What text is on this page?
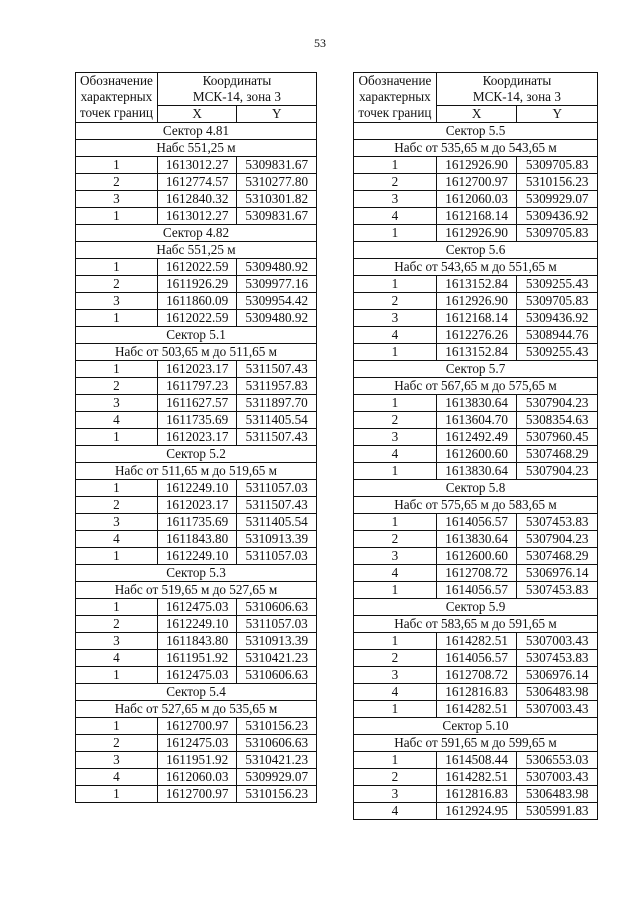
53
Обозначение
характерных
точек границ	Координаты
МСК-14, зона 3	
	X	Y
Сектор 4.81		
Набс 551,25 м		
1	1613012.27	5309831.67
2	1612774.57	5310277.80
3	1612840.32	5310301.82
1	1613012.27	5309831.67
Сектор 4.82		
Набс 551,25 м		
1	1612022.59	5309480.92
2	1611926.29	5309977.16
3	1611860.09	5309954.42
1	1612022.59	5309480.92
Сектор 5.1		
Набс от 503,65 м до 511,65 м		
1	1612023.17	5311507.43
2	1611797.23	5311957.83
3	1611627.57	5311897.70
4	1611735.69	5311405.54
1	1612023.17	5311507.43
Сектор 5.2		
Набс от 511,65 м до 519,65 м		
1	1612249.10	5311057.03
2	1612023.17	5311507.43
3	1611735.69	5311405.54
4	1611843.80	5310913.39
1	1612249.10	5311057.03
Сектор 5.3		
Набс от 519,65 м до 527,65 м		
1	1612475.03	5310606.63
2	1612249.10	5311057.03
3	1611843.80	5310913.39
4	1611951.92	5310421.23
1	1612475.03	5310606.63
Сектор 5.4		
Набс от 527,65 м до 535,65 м		
1	1612700.97	5310156.23
2	1612475.03	5310606.63
3	1611951.92	5310421.23
4	1612060.03	5309929.07
1	1612700.97	5310156.23
Обозначение
характерных
точек границ	Координаты
МСК-14, зона 3	
	X	Y
Сектор 5.5		
Набс от 535,65 м до 543,65 м		
1	1612926.90	5309705.83
2	1612700.97	5310156.23
3	1612060.03	5309929.07
4	1612168.14	5309436.92
1	1612926.90	5309705.83
Сектор 5.6		
Набс от 543,65 м до 551,65 м		
1	1613152.84	5309255.43
2	1612926.90	5309705.83
3	1612168.14	5309436.92
4	1612276.26	5308944.76
1	1613152.84	5309255.43
Сектор 5.7		
Набс от 567,65 м до 575,65 м		
1	1613830.64	5307904.23
2	1613604.70	5308354.63
3	1612492.49	5307960.45
4	1612600.60	5307468.29
1	1613830.64	5307904.23
Сектор 5.8		
Набс от 575,65 м до 583,65 м		
1	1614056.57	5307453.83
2	1613830.64	5307904.23
3	1612600.60	5307468.29
4	1612708.72	5306976.14
1	1614056.57	5307453.83
Сектор 5.9		
Набс от 583,65 м до 591,65 м		
1	1614282.51	5307003.43
2	1614056.57	5307453.83
3	1612708.72	5306976.14
4	1612816.83	5306483.98
1	1614282.51	5307003.43
Сектор 5.10		
Набс от 591,65 м до 599,65 м		
1	1614508.44	5306553.03
2	1614282.51	5307003.43
3	1612816.83	5306483.98
4	1612924.95	5305991.83
